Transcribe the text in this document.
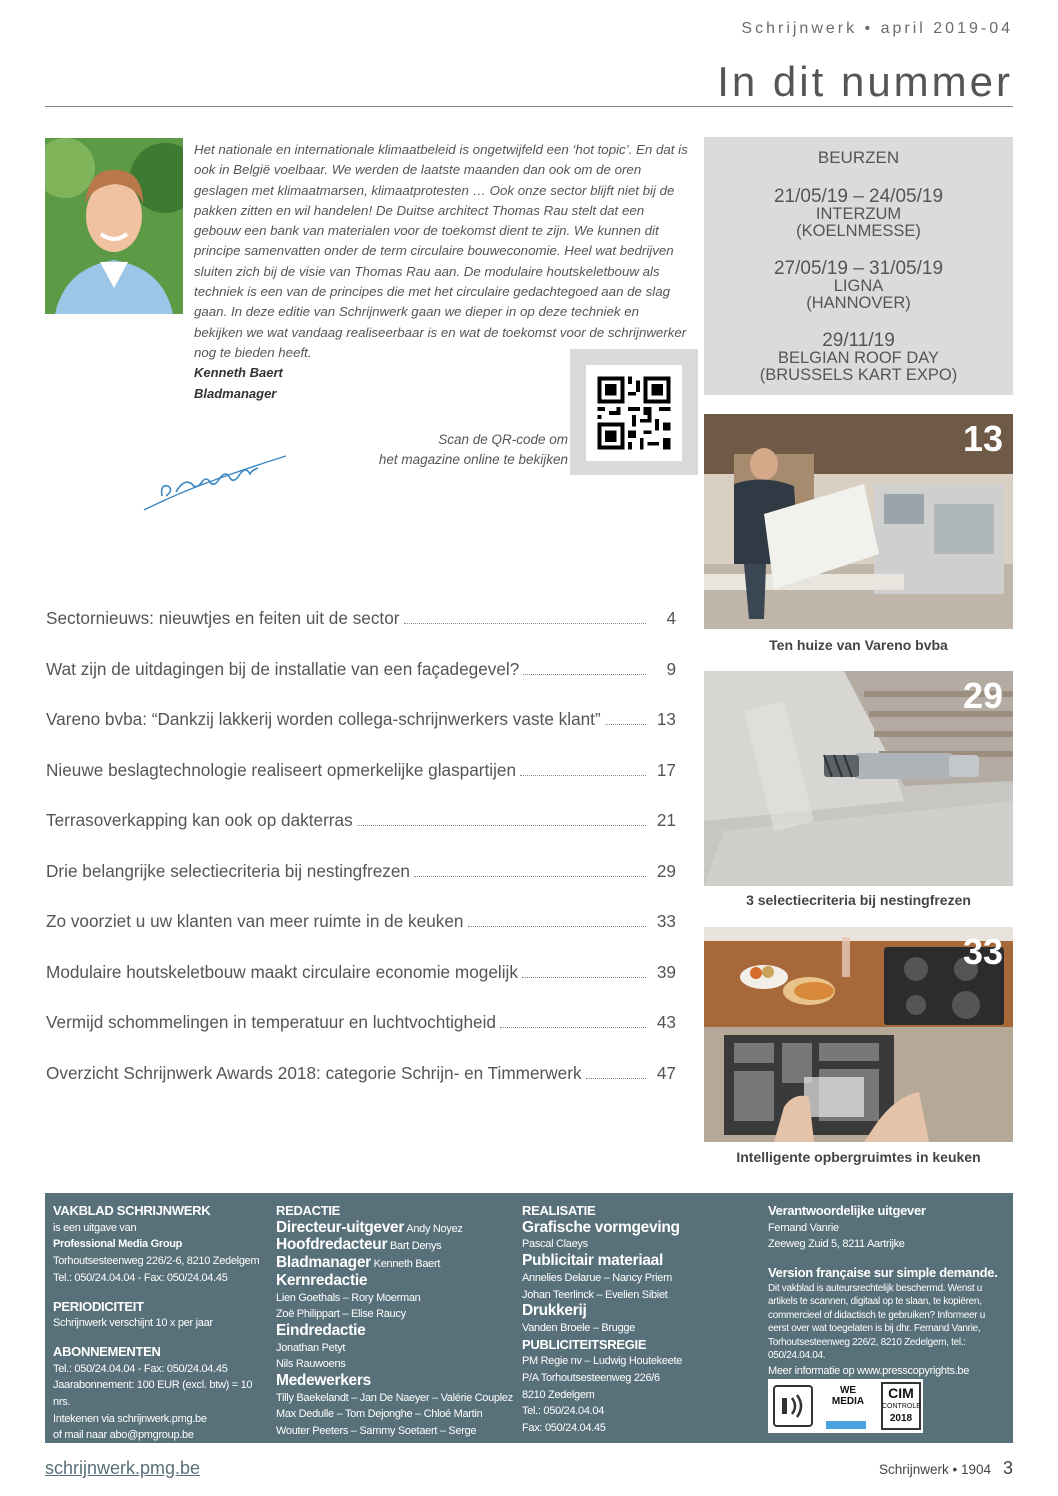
Schrijnwerk • april 2019-04
In dit nummer
Het nationale en internationale klimaatbeleid is ongetwijfeld een ‘hot topic’. En dat is ook in België voelbaar. We werden de laatste maanden dan ook om de oren geslagen met klimaatmarsen, klimaatprotesten … Ook onze sector blijft niet bij de pakken zitten en wil handelen! De Duitse architect Thomas Rau stelt dat een gebouw een bank van materialen voor de toekomst dient te zijn. We kunnen dit principe samenvatten onder de term circulaire bouweconomie. Heel wat bedrijven sluiten zich bij de visie van Thomas Rau aan. De modulaire houtskeletbouw als techniek is een van de principes die met het circulaire gedachtegoed aan de slag gaan. In deze editie van Schrijnwerk gaan we dieper in op deze techniek en bekijken we wat vandaag realiseerbaar is en wat de toekomst voor de schrijnwerker nog te bieden heeft.
Kenneth Baert
Bladmanager
Scan de QR-code om
het magazine online te bekijken
BEURZEN
21/05/19 – 24/05/19
INTERZUM
(KOELNMESSE)
27/05/19 – 31/05/19
LIGNA
(HANNOVER)
29/11/19
BELGIAN ROOF DAY
(BRUSSELS KART EXPO)
Sectornieuws: nieuwtjes en feiten uit de sector	4
Wat zijn de uitdagingen bij de installatie van een façadegevel?	9
Vareno bvba: “Dankzij lakkerij worden collega-schrijnwerkers vaste klant”	13
Nieuwe beslagtechnologie realiseert opmerkelijke glaspartijen	17
Terrasoverkapping kan ook op dakterras	21
Drie belangrijke selectiecriteria bij nestingfrezen	29
Zo voorziet u uw klanten van meer ruimte in de keuken	33
Modulaire houtskeletbouw maakt circulaire economie mogelijk	39
Vermijd schommelingen in temperatuur en luchtvochtigheid	43
Overzicht Schrijnwerk Awards 2018: categorie Schrijn- en Timmerwerk	47
13
Ten huize van Vareno bvba
29
3 selectiecriteria bij nestingfrezen
33
Intelligente opbergruimtes in keuken
VAKBLAD SCHRIJNWERK
is een uitgave van
Professional Media Group
Torhoutsesteenweg 226/2-6, 8210 Zedelgem
Tel.: 050/24.04.04 - Fax: 050/24.04.45
PERIODICITEIT
Schrijnwerk verschijnt 10 x per jaar
ABONNEMENTEN
Tel.: 050/24.04.04 - Fax: 050/24.04.45
Jaarabonnement: 100 EUR (excl. btw) = 10 nrs.
Intekenen via schrijnwerk.pmg.be
of mail naar abo@pmgroup.be
REDACTIE
Directeur-uitgever Andy Noyez
Hoofdredacteur Bart Denys
Bladmanager Kenneth Baert
Kernredactie
Lien Goethals – Rory Moerman
Zoë Philippart – Elise Raucy
Eindredactie
Jonathan Petyt
Nils Rauwoens
Medewerkers
Tilly Baekelandt – Jan De Naeyer – Valérie Couplez
Max Dedulle – Tom Dejonghe – Chloé Martin
Wouter Peeters – Sammy Soetaert – Serge Vandenplas
REALISATIE
Grafische vormgeving
Pascal Claeys
Publicitair materiaal
Annelies Delarue – Nancy Priem
Johan Teerlinck – Evelien Sibiet
Drukkerij
Vanden Broele – Brugge
PUBLICITEITSREGIE
PM Regie nv – Ludwig Houtekeete
P/A Torhoutsesteenweg 226/6
8210 Zedelgem
Tel.: 050/24.04.04
Fax: 050/24.04.45
Verantwoordelijke uitgever
Fernand Vanrie
Zeeweg Zuid 5, 8211 Aartrijke
Version française sur simple demande.
Dit vakblad is auteursrechtelijk beschermd. Wenst u artikels te scannen, digitaal op te slaan, te kopiëren, commercieel of didactisch te gebruiken? Informeer u eerst over wat toegelaten is bij dhr. Fernand Vanrie, Torhoutsesteenweg 226/2, 8210 Zedelgem, tel.: 050/24.04.04.
Meer informatie op www.presscopyrights.be
WE MEDIA
CIM
CONTROLE
2018
schrijnwerk.pmg.be	Schrijnwerk • 1904 3
